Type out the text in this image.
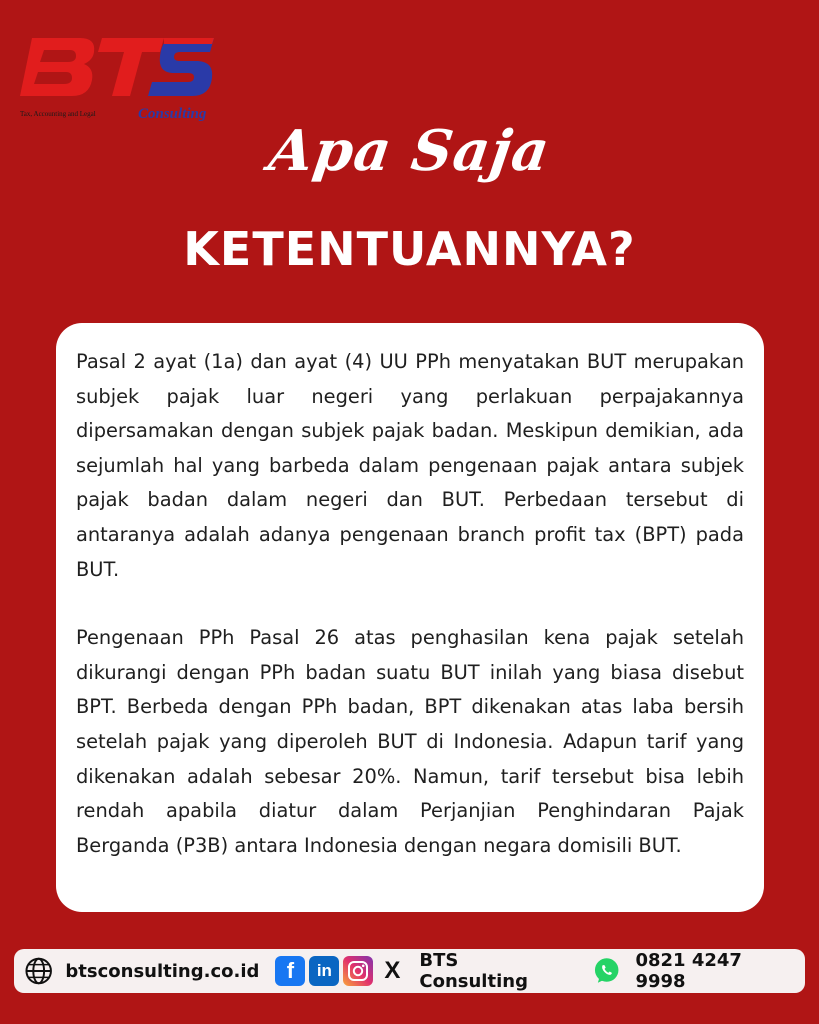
Tax, Accounting and Legal	Consulting
Apa Saja
KETENTUANNYA?

Pasal 2 ayat (1a) dan ayat (4) UU PPh menyatakan BUT merupakan subjek pajak luar negeri yang perlakuan perpajakannya dipersamakan dengan subjek pajak badan. Meskipun demikian, ada sejumlah hal yang barbeda dalam pengenaan pajak antara subjek pajak badan dalam negeri dan BUT. Perbedaan tersebut di antaranya adalah adanya pengenaan branch profit tax (BPT) pada BUT.

Pengenaan PPh Pasal 26 atas penghasilan kena pajak setelah dikurangi dengan PPh badan suatu BUT inilah yang biasa disebut BPT. Berbeda dengan PPh badan, BPT dikenakan atas laba bersih setelah pajak yang diperoleh BUT di Indonesia. Adapun tarif yang dikenakan adalah sebesar 20%. Namun, tarif tersebut bisa lebih rendah apabila diatur dalam Perjanjian Penghindaran Pajak Berganda (P3B) antara Indonesia dengan negara domisili BUT.

btsconsulting.co.id	f	in	X	BTS Consulting
0821 4247 9998
